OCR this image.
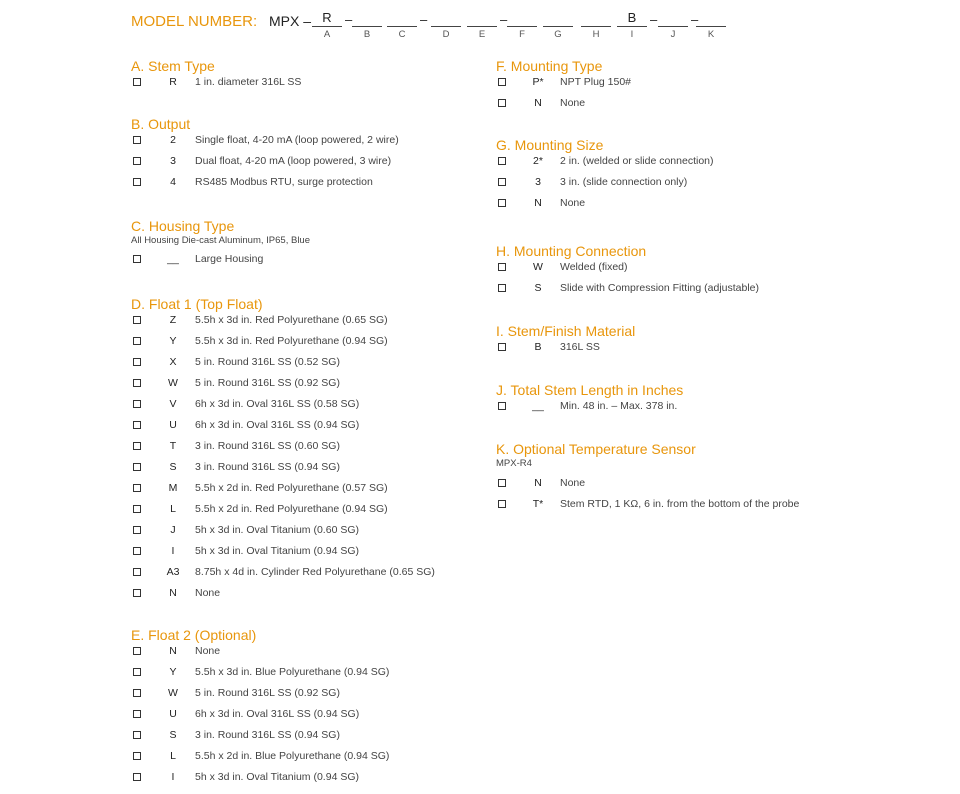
MODEL NUMBER: MPX – R
A
–
B	C
–
D	E
–
F	G	H
B
I
–
J
–
K
A. Stem Type
R	1 in. diameter 316L SS
B. Output
2	Single float, 4-20 mA (loop powered, 2 wire)
3	Dual float, 4-20 mA (loop powered, 3 wire)
4	RS485 Modbus RTU, surge protection
C. Housing Type
All Housing Die-cast Aluminum, IP65, Blue
__	Large Housing
D. Float 1 (Top Float)
Z	5.5h x 3d in. Red Polyurethane (0.65 SG)
Y	5.5h x 3d in. Red Polyurethane (0.94 SG)
X	5 in. Round 316L SS (0.52 SG)
W	5 in. Round 316L SS (0.92 SG)
V	6h x 3d in. Oval 316L SS (0.58 SG)
U	6h x 3d in. Oval 316L SS (0.94 SG)
T	3 in. Round 316L SS (0.60 SG)
S	3 in. Round 316L SS (0.94 SG)
M	5.5h x 2d in. Red Polyurethane (0.57 SG)
L	5.5h x 2d in. Red Polyurethane (0.94 SG)
J	5h x 3d in. Oval Titanium (0.60 SG)
I	5h x 3d in. Oval Titanium (0.94 SG)
A3	8.75h x 4d in. Cylinder Red Polyurethane (0.65 SG)
N	None
E. Float 2 (Optional)
N	None
Y	5.5h x 3d in. Blue Polyurethane (0.94 SG)
W	5 in. Round 316L SS (0.92 SG)
U	6h x 3d in. Oval 316L SS (0.94 SG)
S	3 in. Round 316L SS (0.94 SG)
L	5.5h x 2d in. Blue Polyurethane (0.94 SG)
I	5h x 3d in. Oval Titanium (0.94 SG)
F. Mounting Type
P*	NPT Plug 150#
N	None
G. Mounting Size
2*	2 in. (welded or slide connection)
3	3 in. (slide connection only)
N	None
H. Mounting Connection
W	Welded (fixed)
S	Slide with Compression Fitting (adjustable)
I. Stem/Finish Material
B	316L SS
J. Total Stem Length in Inches
__	Min. 48 in. – Max. 378 in.
K. Optional Temperature Sensor
MPX-R4
N	None
T*	Stem RTD, 1 KΩ, 6 in. from the bottom of the probe
